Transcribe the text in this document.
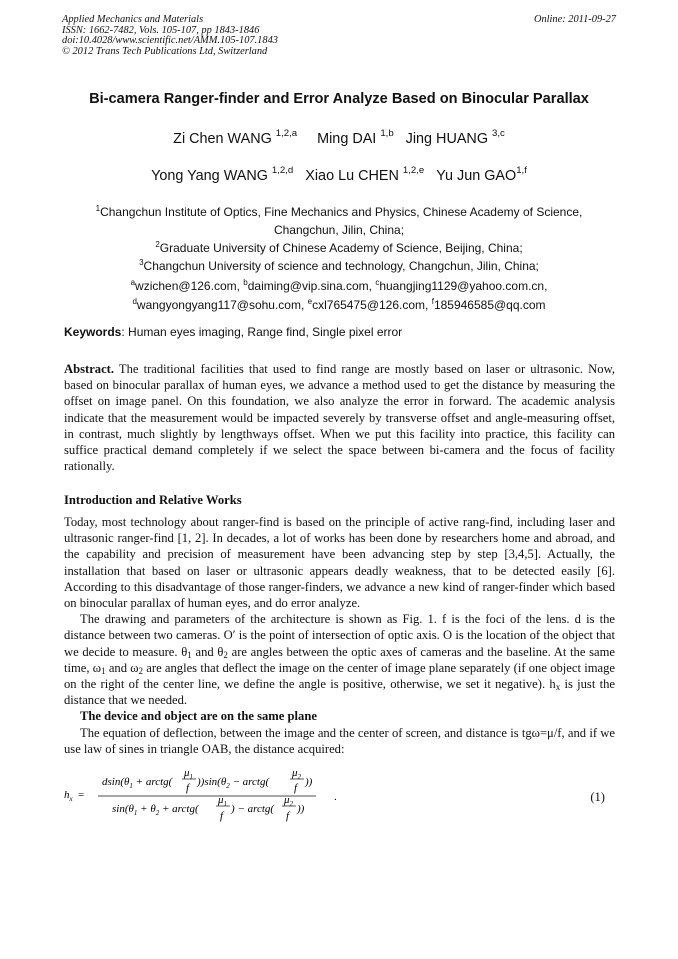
Applied Mechanics and Materials
ISSN: 1662-7482, Vols. 105-107, pp 1843-1846
doi:10.4028/www.scientific.net/AMM.105-107.1843
© 2012 Trans Tech Publications Ltd, Switzerland
Online: 2011-09-27
Bi-camera Ranger-finder and Error Analyze Based on Binocular Parallax
Zi Chen WANG $^{1,2,a}$ Ming DAI $^{1,b}$ Jing HUANG $^{3,c}$
Yong Yang WANG $^{1,2,d}$ Xiao Lu CHEN $^{1,2,e}$ Yu Jun GAO$^{1,f}$
$^1$Changchun Institute of Optics, Fine Mechanics and Physics, Chinese Academy of Science,
Changchun, Jilin, China;
$^2$Graduate University of Chinese Academy of Science, Beijing, China;
$^3$Changchun University of science and technology, Changchun, Jilin, China;
$^a$wzichen@126.com, $^b$daiming@vip.sina.com, $^c$huangjing1129@yahoo.com.cn,
$^d$wangyongyang117@sohu.com, $^e$cxl765475@126.com, $^f$185946585@qq.com
Keywords: Human eyes imaging, Range find, Single pixel error
Abstract. The traditional facilities that used to find range are mostly based on laser or ultrasonic. Now, based on binocular parallax of human eyes, we advance a method used to get the distance by measuring the offset on image panel. On this foundation, we also analyze the error in forward. The academic analysis indicate that the measurement would be impacted severely by transverse offset and angle-measuring offset, in contrast, much slightly by lengthways offset. When we put this facility into practice, this facility can suffice practical demand completely if we select the space between bi-camera and the focus of facility rationally.
Introduction and Relative Works

Today, most technology about ranger-find is based on the principle of active rang-find, including laser and ultrasonic ranger-find [1, 2]. In decades, a lot of works has been done by researchers home and abroad, and the capability and precision of measurement have been advancing step by step [3,4,5]. Actually, the installation that based on laser or ultrasonic appears deadly weakness, that to be detected easily [6]. According to this disadvantage of those ranger-finders, we advance a new kind of ranger-finder which based on binocular parallax of human eyes, and do error analyze.

The drawing and parameters of the architecture is shown as Fig. 1. f is the foci of the lens. d is the distance between two cameras. O′ is the point of intersection of optic axis. O is the location of the object that we decide to measure. $\theta_1$ and $\theta_2$ are angles between the optic axes of cameras and the baseline. At the same time, $\omega_1$ and $\omega_2$ are angles that deflect the image on the center of image plane separately (if one object image on the right of the center line, we define the angle is positive, otherwise, we set it negative). $h_x$ is just the distance that we needed.

The device and object are on the same plane

The equation of deflection, between the image and the center of screen, and distance is tgω=μ/f, and if we use law of sines in triangle OAB, the distance acquired:

$h_x$ =
$dsin(\theta_1$ + arctg(
$\mu_1$
f ))$\sin(\theta_2$ − arctg(
$\mu_2$
f ))
$\sin(\theta_1 + \theta_2$ + arctg(
$\mu_1$
f
) − arctg(
$\mu_2$
f
))
.	(1)
